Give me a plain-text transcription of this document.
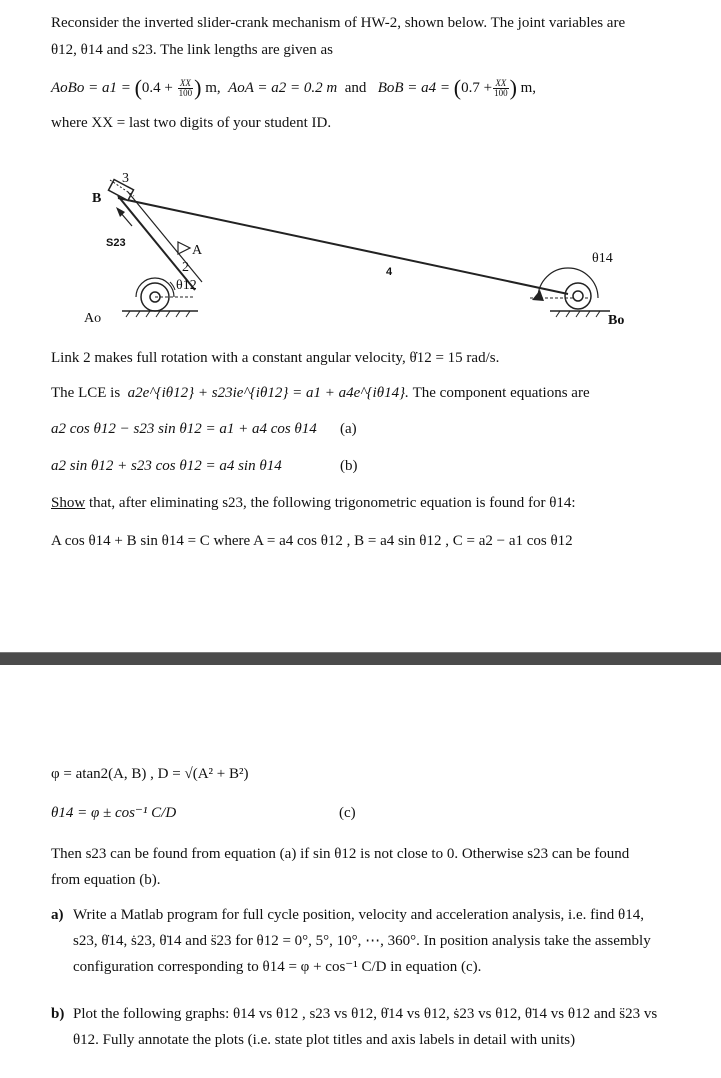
Reconsider the inverted slider-crank mechanism of HW-2, shown below. The joint variables are
θ12, θ14 and s23. The link lengths are given as
AoBo = $a1 = (0.4 + \frac{XX}{100}$ ) m, AoA = a2 = 0.2 m and BoB = $a4 = (0.7 + \frac{XX}{100}$ ) m,
where XX = last two digits of your student ID.
B
3
S23	A
2
θ12
4
θ14
Ao	Bo
Link 2 makes full rotation with a constant angular velocity, θ̇12 = 15 rad/s.
The LCE is a2e^{iθ12} + s23ie^{iθ12} = a1 + a4e^{iθ14}. The component equations are
a2 cos θ12 − s23 sin θ12 = a1 + a4 cos θ14 (a)
a2 sin θ12 + s23 cos θ12 = a4 sin θ14	(b)
Show that, after eliminating s23, the following trigonometric equation is found for θ14:
A cos θ14 + B sin θ14 = C where A = a4 cos θ12 , B = a4 sin θ12 , C = a2 − a1 cos θ12
φ = atan2(A, B) , D = √(A² + B²)
θ14 = φ ± cos⁻¹ C/D	(c)
Then s23 can be found from equation (a) if sin θ12 is not close to 0. Otherwise s23 can be found from equation (b).
a) Write a Matlab program for full cycle position, velocity and acceleration analysis, i.e. find θ14, s23, θ̇14, ṡ23, θ̈14 and s̈23 for θ12 = 0°, 5°, 10°, ⋯, 360°. In position analysis take the assembly configuration corresponding to θ14 = φ + cos⁻¹ C/D in equation (c).
b) Plot the following graphs: θ14 vs θ12 , s23 vs θ12, θ̇14 vs θ12, ṡ23 vs θ12, θ̈14 vs θ12 and s̈23 vs θ12. Fully annotate the plots (i.e. state plot titles and axis labels in detail with units)
